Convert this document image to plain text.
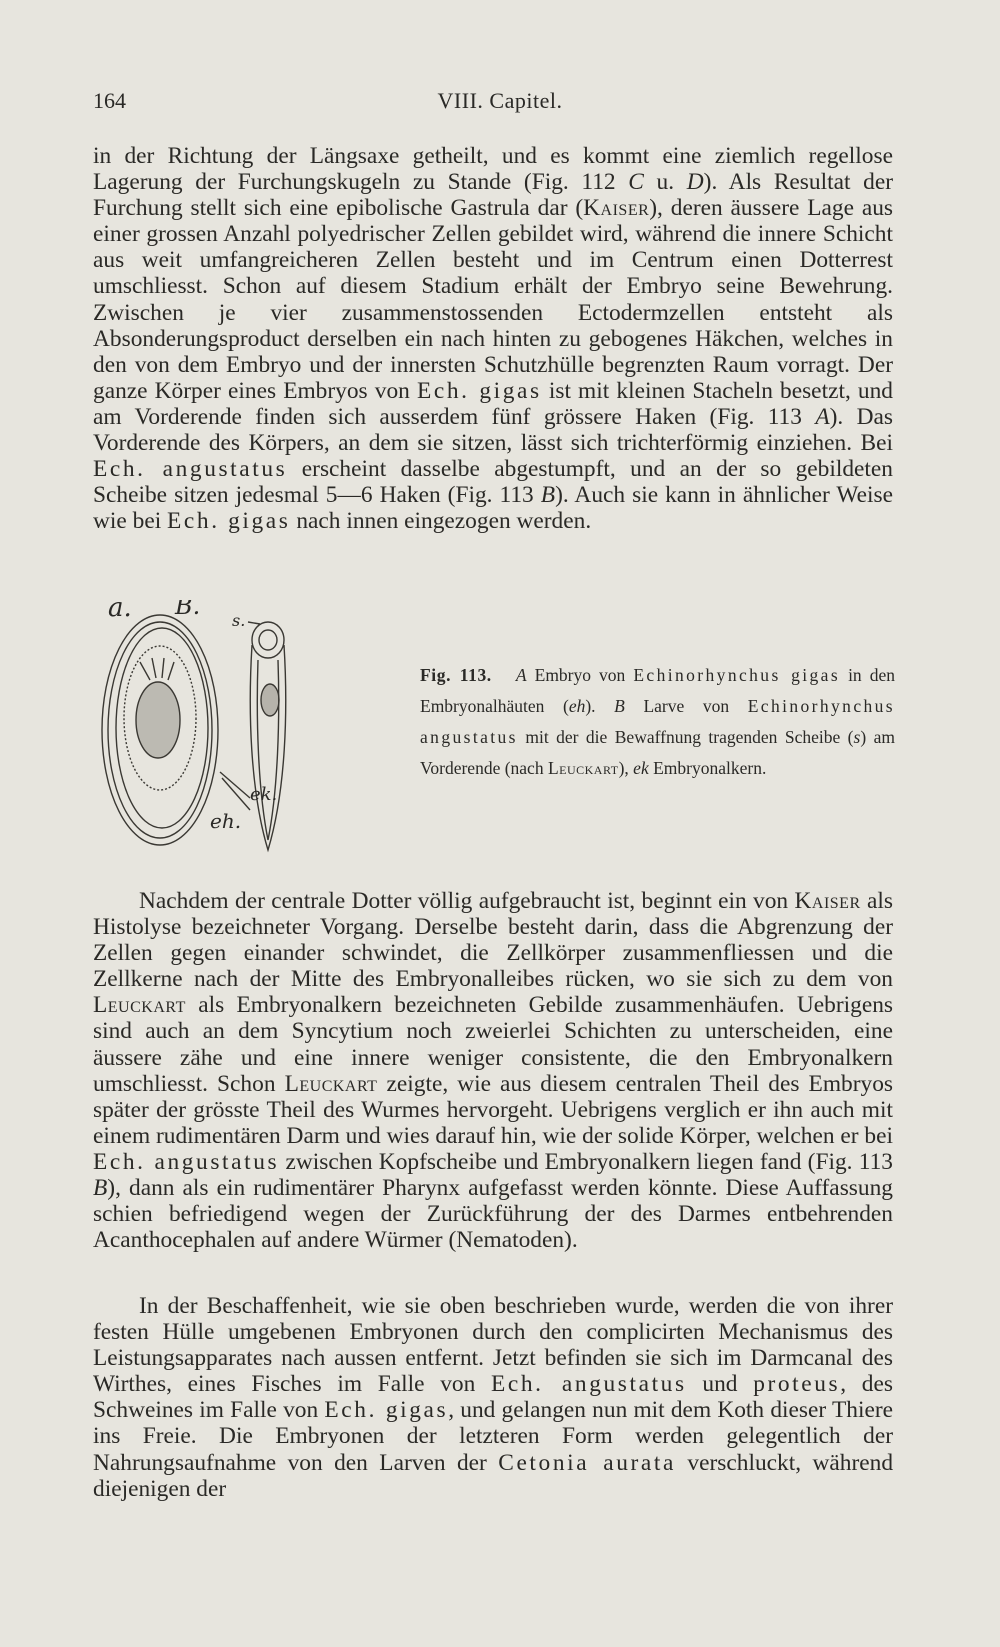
164	VIII. Capitel.

in der Richtung der Längsaxe getheilt, und es kommt eine ziemlich regellose Lagerung der Furchungskugeln zu Stande (Fig. 112 C u. D). Als Resultat der Furchung stellt sich eine epibolische Gastrula dar (Kaiser), deren äussere Lage aus einer grossen Anzahl polyedrischer Zellen gebildet wird, während die innere Schicht aus weit umfangreicheren Zellen besteht und im Centrum einen Dotterrest umschliesst. Schon auf diesem Stadium erhält der Embryo seine Bewehrung. Zwischen je vier zusammenstossenden Ectodermzellen entsteht als Absonderungsproduct derselben ein nach hinten zu gebogenes Häkchen, welches in den von dem Embryo und der innersten Schutzhülle begrenzten Raum vorragt. Der ganze Körper eines Embryos von Ech. gigas ist mit kleinen Stacheln besetzt, und am Vorderende finden sich ausserdem fünf grössere Haken (Fig. 113 A). Das Vorderende des Körpers, an dem sie sitzen, lässt sich trichterförmig einziehen. Bei Ech. angustatus erscheint dasselbe abgestumpft, und an der so gebildeten Scheibe sitzen jedesmal 5—6 Haken (Fig. 113 B). Auch sie kann in ähnlicher Weise wie bei Ech. gigas nach innen eingezogen werden.

a. B.
s.
ek.
eh.

Fig. 113. A Embryo von Echinorhynchus gigas in den Embryonalhäuten (eh). B Larve von Echinorhynchus angustatus mit der die Bewaffnung tragenden Scheibe (s) am Vorderende (nach Leuckart), ek Embryonalkern.

Nachdem der centrale Dotter völlig aufgebraucht ist, beginnt ein von Kaiser als Histolyse bezeichneter Vorgang. Derselbe besteht darin, dass die Abgrenzung der Zellen gegen einander schwindet, die Zellkörper zusammenfliessen und die Zellkerne nach der Mitte des Embryonalleibes rücken, wo sie sich zu dem von Leuckart als Embryonalkern bezeichneten Gebilde zusammenhäufen. Uebrigens sind auch an dem Syncytium noch zweierlei Schichten zu unterscheiden, eine äussere zähe und eine innere weniger consistente, die den Embryonalkern umschliesst. Schon Leuckart zeigte, wie aus diesem centralen Theil des Embryos später der grösste Theil des Wurmes hervorgeht. Uebrigens verglich er ihn auch mit einem rudimentären Darm und wies darauf hin, wie der solide Körper, welchen er bei Ech. angustatus zwischen Kopfscheibe und Embryonalkern liegen fand (Fig. 113 B), dann als ein rudimentärer Pharynx aufgefasst werden könnte. Diese Auffassung schien befriedigend wegen der Zurückführung der des Darmes entbehrenden Acanthocephalen auf andere Würmer (Nematoden).

In der Beschaffenheit, wie sie oben beschrieben wurde, werden die von ihrer festen Hülle umgebenen Embryonen durch den complicirten Mechanismus des Leistungsapparates nach aussen entfernt. Jetzt befinden sie sich im Darmcanal des Wirthes, eines Fisches im Falle von Ech. angustatus und proteus, des Schweines im Falle von Ech. gigas, und gelangen nun mit dem Koth dieser Thiere ins Freie. Die Embryonen der letzteren Form werden gelegentlich der Nahrungsaufnahme von den Larven der Cetonia aurata verschluckt, während diejenigen der
